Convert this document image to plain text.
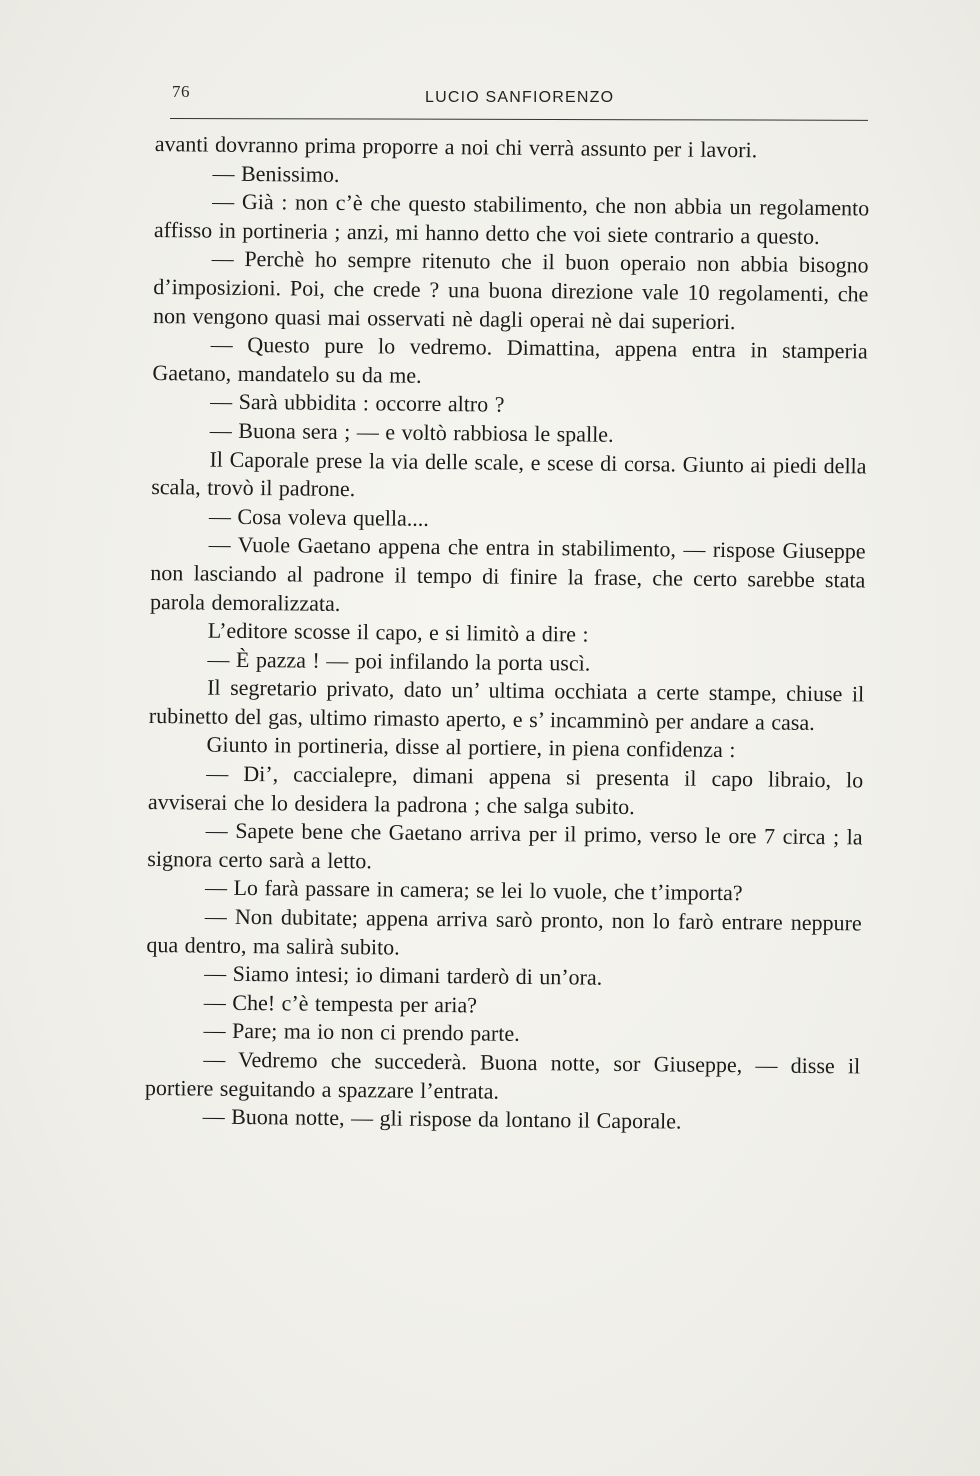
76	LUCIO SANFIORENZO

avanti dovranno prima proporre a noi chi verrà assunto per i lavori.

— Benissimo.

— Già : non c’è che questo stabilimento, che non abbia un regolamento affisso in portineria ; anzi, mi hanno detto che voi siete contrario a questo.

— Perchè ho sempre ritenuto che il buon operaio non abbia bisogno d’imposizioni. Poi, che crede ? una buona direzione vale 10 regolamenti, che non vengono quasi mai osservati nè dagli operai nè dai superiori.

— Questo pure lo vedremo. Dimattina, appena entra in stamperia Gaetano, mandatelo su da me.

— Sarà ubbidita : occorre altro ?

— Buona sera ; — e voltò rabbiosa le spalle.

Il Caporale prese la via delle scale, e scese di corsa. Giunto ai piedi della scala, trovò il padrone.

— Cosa voleva quella....

— Vuole Gaetano appena che entra in stabilimento, — rispose Giuseppe non lasciando al padrone il tempo di finire la frase, che certo sarebbe stata parola demoralizzata.

L’editore scosse il capo, e si limitò a dire :

— È pazza ! — poi infilando la porta uscì.

Il segretario privato, dato un’ ultima occhiata a certe stampe, chiuse il rubinetto del gas, ultimo rimasto aperto, e s’ incamminò per andare a casa.

Giunto in portineria, disse al portiere, in piena confidenza :

— Di’, caccialepre, dimani appena si presenta il capo libraio, lo avviserai che lo desidera la padrona ; che salga subito.

— Sapete bene che Gaetano arriva per il primo, verso le ore 7 circa ; la signora certo sarà a letto.

— Lo farà passare in camera; se lei lo vuole, che t’importa?

— Non dubitate; appena arriva sarò pronto, non lo farò entrare neppure qua dentro, ma salirà subito.

— Siamo intesi; io dimani tarderò di un’ora.

— Che! c’è tempesta per aria?

— Pare; ma io non ci prendo parte.

— Vedremo che succederà. Buona notte, sor Giuseppe, — disse il portiere seguitando a spazzare l’entrata.

— Buona notte, — gli rispose da lontano il Caporale.
